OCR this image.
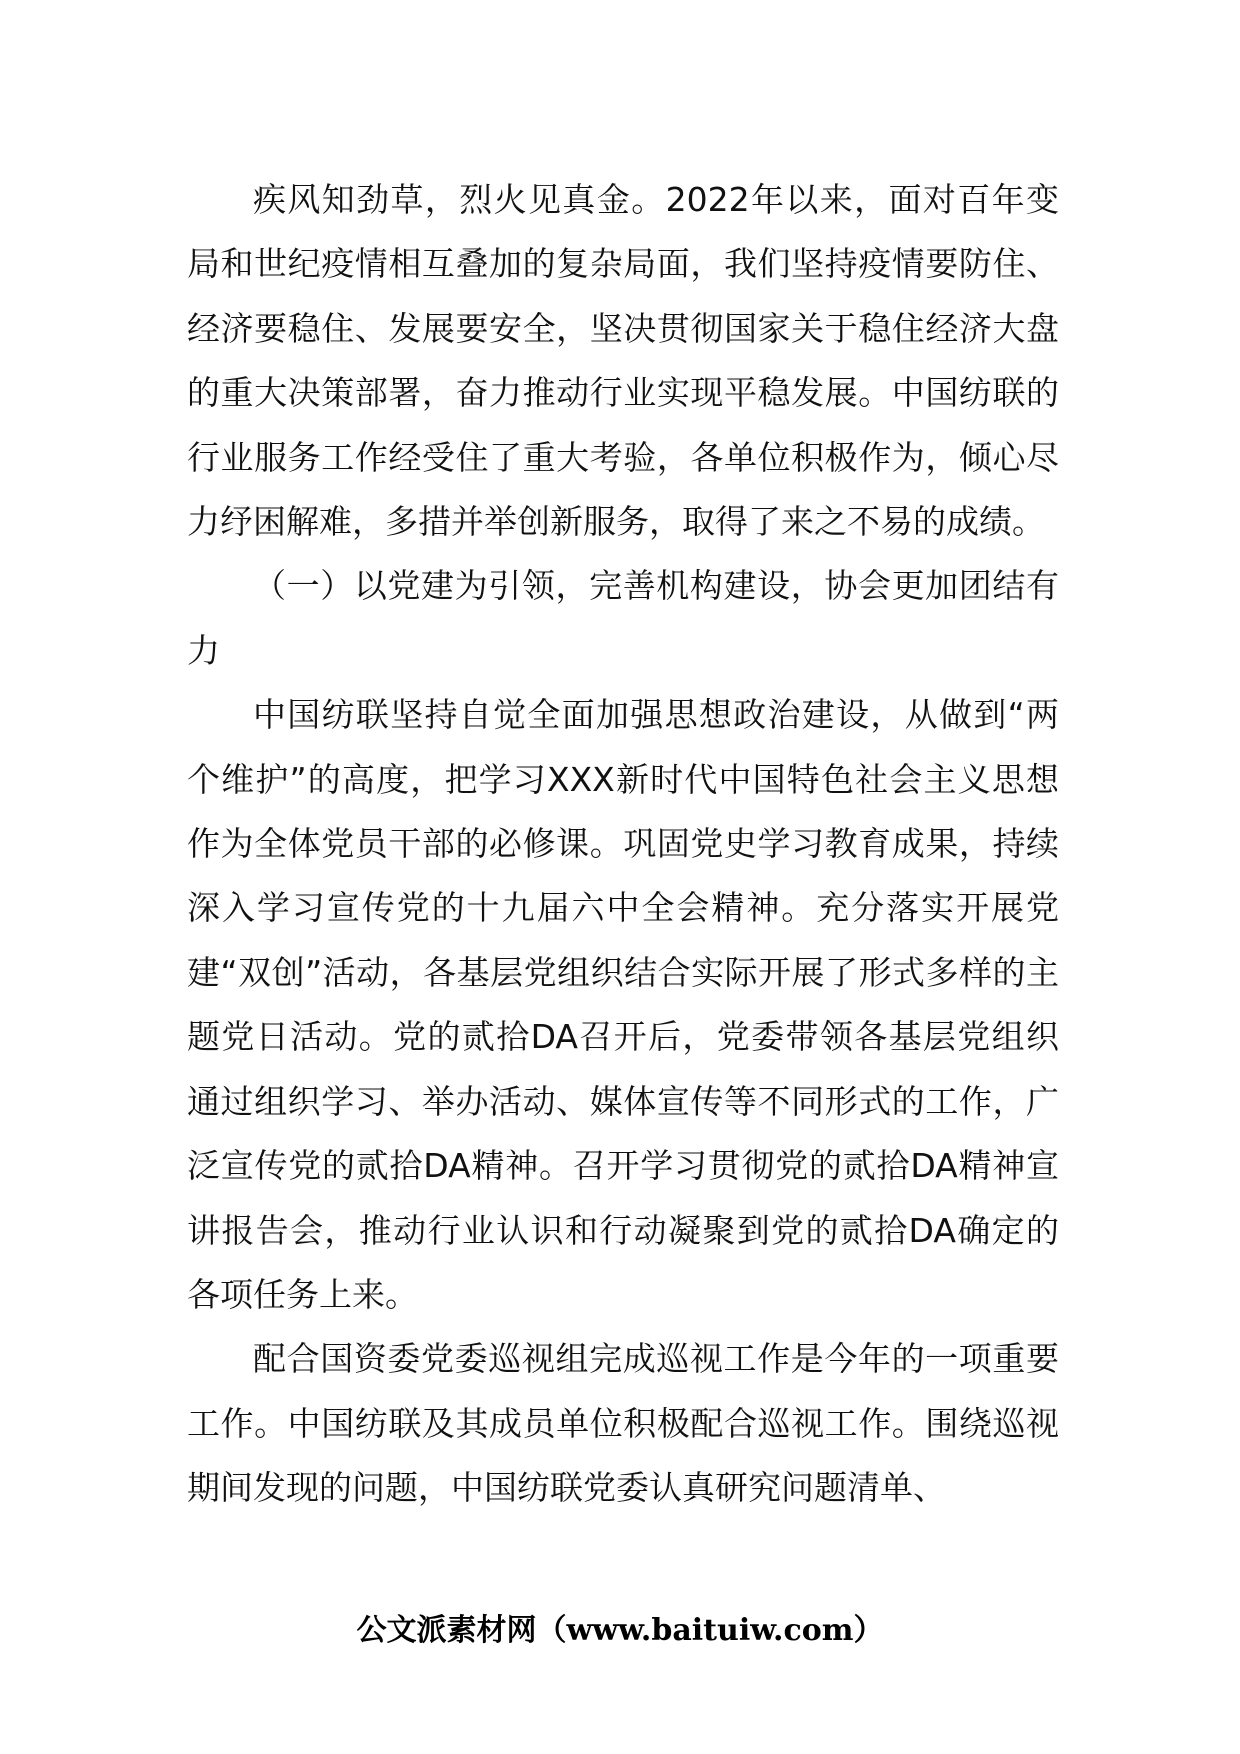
疾风知劲草，烈火见真金。2022年以来，面对百年变局和世纪疫情相互叠加的复杂局面，我们坚持疫情要防住、经济要稳住、发展要安全，坚决贯彻国家关于稳住经济大盘的重大决策部署，奋力推动行业实现平稳发展。中国纺联的行业服务工作经受住了重大考验，各单位积极作为，倾心尽力纾困解难，多措并举创新服务，取得了来之不易的成绩。

（一）以党建为引领，完善机构建设，协会更加团结有力

中国纺联坚持自觉全面加强思想政治建设，从做到“两个维护”的高度，把学习XXX新时代中国特色社会主义思想作为全体党员干部的必修课。巩固党史学习教育成果，持续深入学习宣传党的十九届六中全会精神。充分落实开展党建“双创”活动，各基层党组织结合实际开展了形式多样的主题党日活动。党的贰拾DA召开后，党委带领各基层党组织通过组织学习、举办活动、媒体宣传等不同形式的工作，广泛宣传党的贰拾DA精神。召开学习贯彻党的贰拾DA精神宣讲报告会，推动行业认识和行动凝聚到党的贰拾DA确定的各项任务上来。

配合国资委党委巡视组完成巡视工作是今年的一项重要工作。中国纺联及其成员单位积极配合巡视工作。围绕巡视期间发现的问题，中国纺联党委认真研究问题清单、

公文派素材网（www.baituiw.com）
